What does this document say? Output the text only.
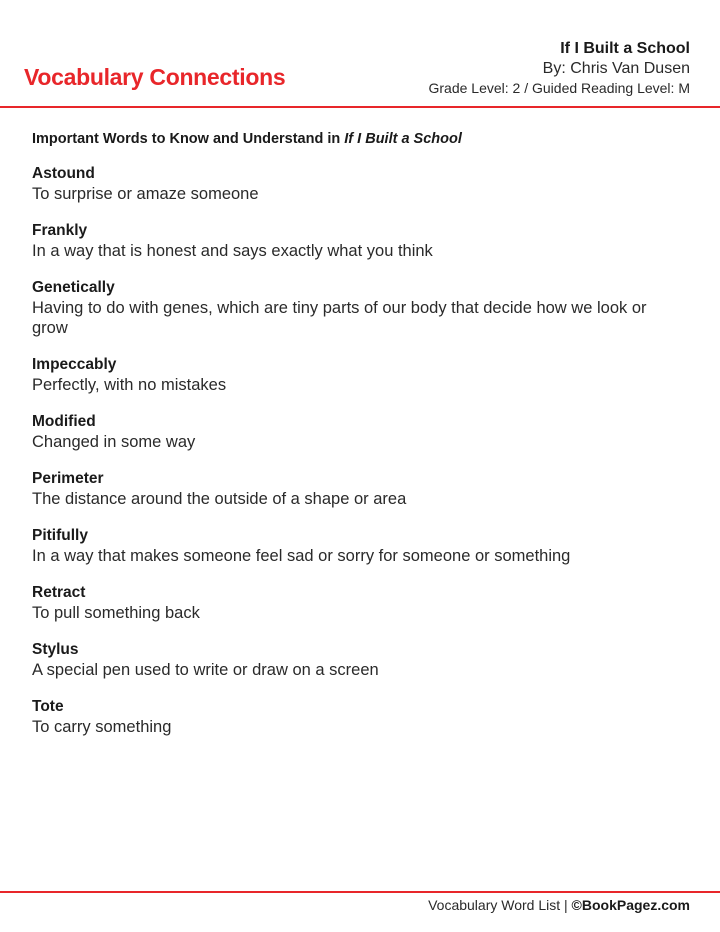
Vocabulary Connections
If I Built a School
By: Chris Van Dusen
Grade Level: 2 / Guided Reading Level: M
Important Words to Know and Understand in If I Built a School
Astound
To surprise or amaze someone
Frankly
In a way that is honest and says exactly what you think
Genetically
Having to do with genes, which are tiny parts of our body that decide how we look or grow
Impeccably
Perfectly, with no mistakes
Modified
Changed in some way
Perimeter
The distance around the outside of a shape or area
Pitifully
In a way that makes someone feel sad or sorry for someone or something
Retract
To pull something back
Stylus
A special pen used to write or draw on a screen
Tote
To carry something
Vocabulary Word List | ©BookPagez.com
